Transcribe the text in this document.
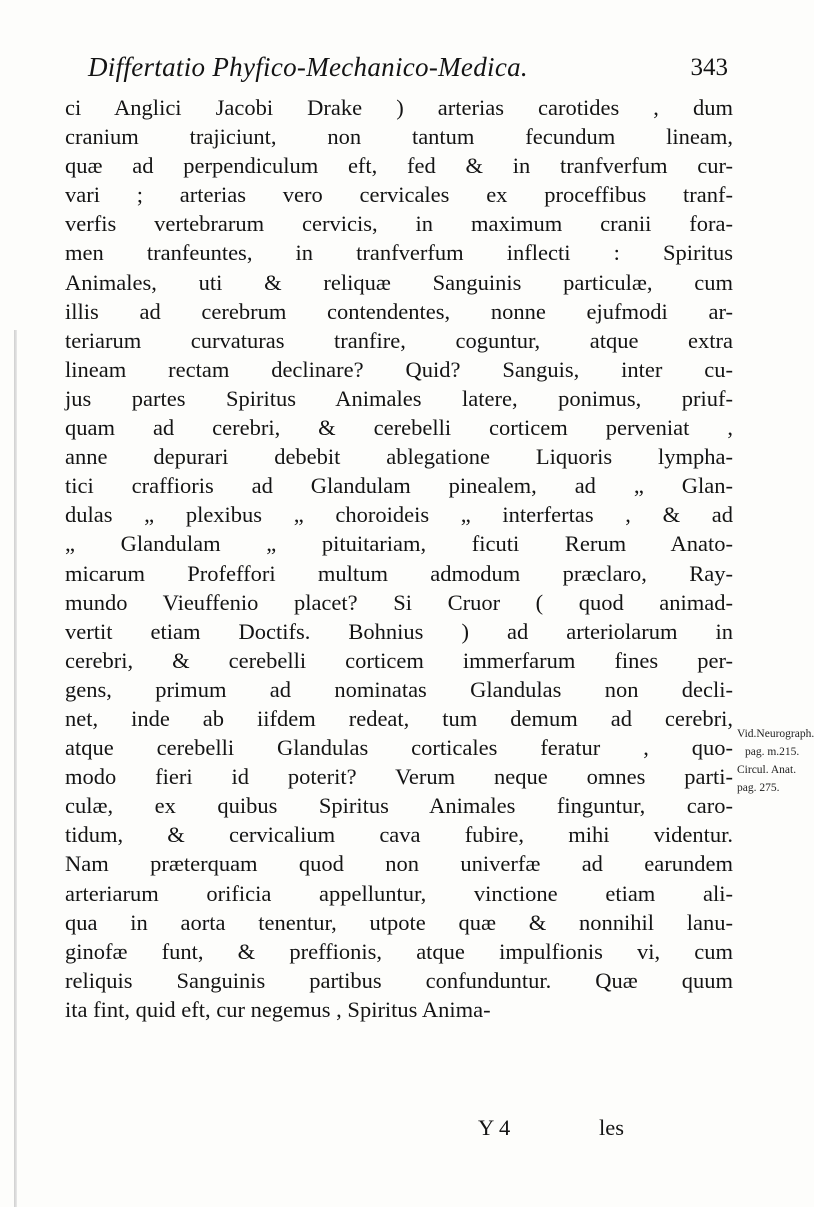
Differtatio Phyfico-Mechanico-Medica.	343
ci Anglici Jacobi Drake ) arterias carotides , dum
cranium trajiciunt, non tantum fecundum lineam,
quæ ad perpendiculum eft, fed & in tranfverfum cur-
vari ; arterias vero cervicales ex proceffibus tranf-
verfis vertebrarum cervicis, in maximum cranii fora-
men tranfeuntes, in tranfverfum inflecti : Spiritus
Animales, uti & reliquæ Sanguinis particulæ, cum
illis ad cerebrum contendentes, nonne ejufmodi ar-
teriarum curvaturas tranfire, coguntur, atque extra
lineam rectam declinare? Quid? Sanguis, inter cu-
jus partes Spiritus Animales latere, ponimus, priuf-
quam ad cerebri, & cerebelli corticem perveniat ,
anne depurari debebit ablegatione Liquoris lympha-
tici craffioris ad Glandulam pinealem, ad „ Glan-
dulas „ plexibus „ choroideis „ interfertas , & ad
„ Glandulam „ pituitariam, ficuti Rerum Anato-
micarum Profeffori multum admodum præclaro, Ray-
mundo Vieuffenio placet? Si Cruor ( quod animad-
vertit etiam Doctifs. Bohnius ) ad arteriolarum in
cerebri, & cerebelli corticem immerfarum fines per-
gens, primum ad nominatas Glandulas non decli-
net, inde ab iifdem redeat, tum demum ad cerebri,
atque cerebelli Glandulas corticales feratur , quo-
modo fieri id poterit? Verum neque omnes parti-
culæ, ex quibus Spiritus Animales finguntur, caro-
tidum, & cervicalium cava fubire, mihi videntur.
Nam præterquam quod non univerfæ ad earundem
arteriarum orificia appelluntur, vinctione etiam ali-
qua in aorta tenentur, utpote quæ & nonnihil lanu-
ginofæ funt, & preffionis, atque impulfionis vi, cum
reliquis Sanguinis partibus confunduntur. Quæ quum
ita fint, quid eft, cur negemus , Spiritus Anima-
Vid.Neurograph.
pag. m.215.
Circul. Anat.
pag. 275.
Y 4	les
